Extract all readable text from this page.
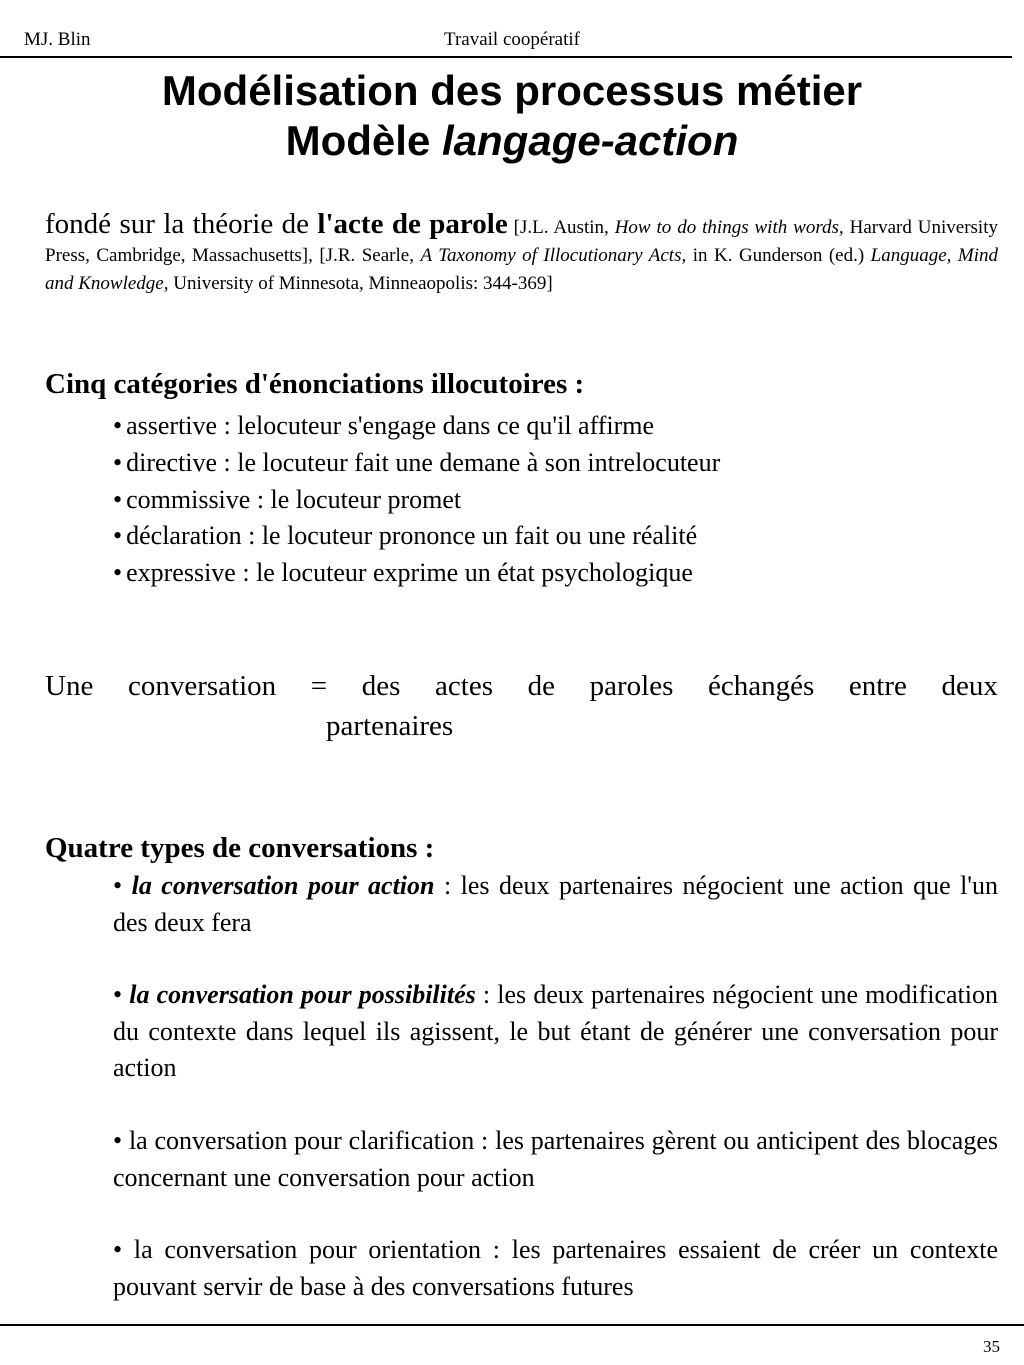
MJ. Blin	Travail coopératif
Modélisation des processus métier
Modèle langage-action
fondé sur la théorie de l'acte de parole [J.L. Austin, How to do things with words, Harvard University Press, Cambridge, Massachusetts], [J.R. Searle, A Taxonomy of Illocutionary Acts, in K. Gunderson (ed.) Language, Mind and Knowledge, University of Minnesota, Minneaopolis: 344-369]
Cinq catégories d'énonciations illocutoires :
• assertive : lelocuteur s'engage dans ce qu'il affirme
• directive : le locuteur fait une demane à son intrelocuteur
• commissive : le locuteur promet
• déclaration : le locuteur prononce un fait ou une réalité
• expressive : le locuteur exprime un état psychologique
Une conversation = des actes de paroles échangés entre deux
partenaires
Quatre types de conversations :
• la conversation pour action : les deux partenaires négocient une action que l'un des deux fera
• la conversation pour possibilités : les deux partenaires négocient une modification du contexte dans lequel ils agissent, le but étant de générer une conversation pour action
• la conversation pour clarification : les partenaires gèrent ou anticipent des blocages concernant une conversation pour action
• la conversation pour orientation : les partenaires essaient de créer un contexte pouvant servir de base à des conversations futures
35
